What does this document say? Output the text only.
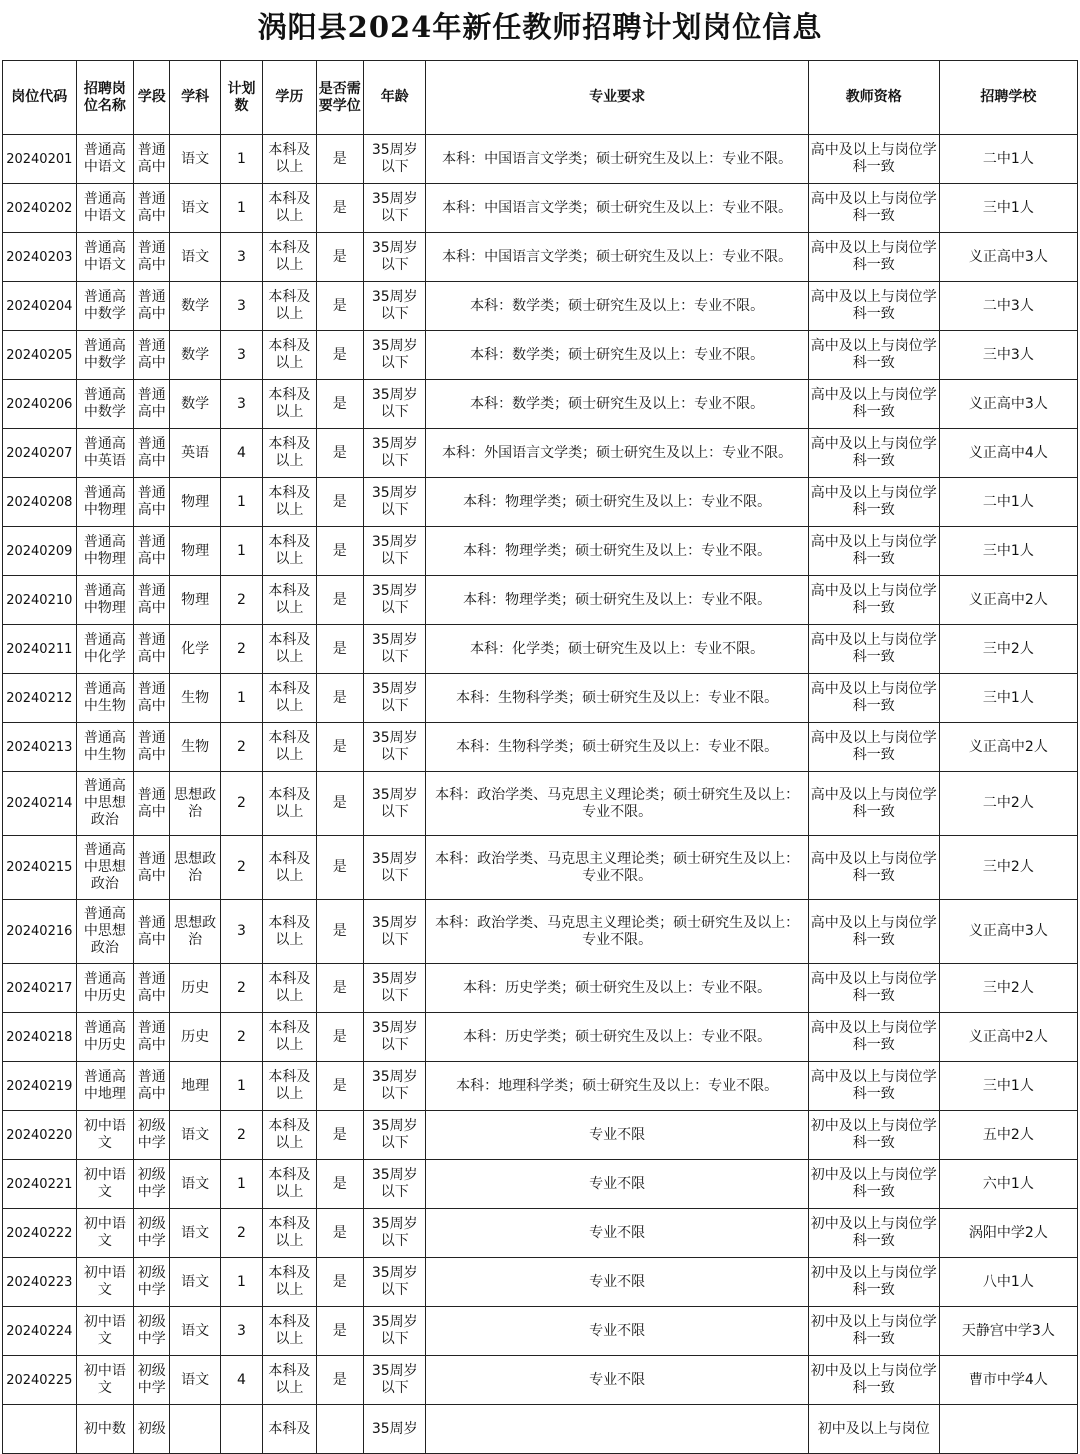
涡阳县2024年新任教师招聘计划岗位信息
岗位代码	招聘岗位名称	学段	学科	计划数	学历	是否需要学位	年龄	专业要求	教师资格	招聘学校
20240201	普通高中语文	普通高中	语文	1	本科及以上	是	35周岁以下	本科：中国语言文学类；硕士研究生及以上：专业不限。	高中及以上与岗位学科一致	二中1人
20240202	普通高中语文	普通高中	语文	1	本科及以上	是	35周岁以下	本科：中国语言文学类；硕士研究生及以上：专业不限。	高中及以上与岗位学科一致	三中1人
20240203	普通高中语文	普通高中	语文	3	本科及以上	是	35周岁以下	本科：中国语言文学类；硕士研究生及以上：专业不限。	高中及以上与岗位学科一致	义正高中3人
20240204	普通高中数学	普通高中	数学	3	本科及以上	是	35周岁以下	本科：数学类；硕士研究生及以上：专业不限。	高中及以上与岗位学科一致	二中3人
20240205	普通高中数学	普通高中	数学	3	本科及以上	是	35周岁以下	本科：数学类；硕士研究生及以上：专业不限。	高中及以上与岗位学科一致	三中3人
20240206	普通高中数学	普通高中	数学	3	本科及以上	是	35周岁以下	本科：数学类；硕士研究生及以上：专业不限。	高中及以上与岗位学科一致	义正高中3人
20240207	普通高中英语	普通高中	英语	4	本科及以上	是	35周岁以下	本科：外国语言文学类；硕士研究生及以上：专业不限。	高中及以上与岗位学科一致	义正高中4人
20240208	普通高中物理	普通高中	物理	1	本科及以上	是	35周岁以下	本科：物理学类；硕士研究生及以上：专业不限。	高中及以上与岗位学科一致	二中1人
20240209	普通高中物理	普通高中	物理	1	本科及以上	是	35周岁以下	本科：物理学类；硕士研究生及以上：专业不限。	高中及以上与岗位学科一致	三中1人
20240210	普通高中物理	普通高中	物理	2	本科及以上	是	35周岁以下	本科：物理学类；硕士研究生及以上：专业不限。	高中及以上与岗位学科一致	义正高中2人
20240211	普通高中化学	普通高中	化学	2	本科及以上	是	35周岁以下	本科：化学类；硕士研究生及以上：专业不限。	高中及以上与岗位学科一致	三中2人
20240212	普通高中生物	普通高中	生物	1	本科及以上	是	35周岁以下	本科：生物科学类；硕士研究生及以上：专业不限。	高中及以上与岗位学科一致	三中1人
20240213	普通高中生物	普通高中	生物	2	本科及以上	是	35周岁以下	本科：生物科学类；硕士研究生及以上：专业不限。	高中及以上与岗位学科一致	义正高中2人
20240214	普通高中思想政治	普通高中	思想政治	2	本科及以上	是	35周岁以下	本科：政治学类、马克思主义理论类；硕士研究生及以上：专业不限。	高中及以上与岗位学科一致	二中2人
20240215	普通高中思想政治	普通高中	思想政治	2	本科及以上	是	35周岁以下	本科：政治学类、马克思主义理论类；硕士研究生及以上：专业不限。	高中及以上与岗位学科一致	三中2人
20240216	普通高中思想政治	普通高中	思想政治	3	本科及以上	是	35周岁以下	本科：政治学类、马克思主义理论类；硕士研究生及以上：专业不限。	高中及以上与岗位学科一致	义正高中3人
20240217	普通高中历史	普通高中	历史	2	本科及以上	是	35周岁以下	本科：历史学类；硕士研究生及以上：专业不限。	高中及以上与岗位学科一致	三中2人
20240218	普通高中历史	普通高中	历史	2	本科及以上	是	35周岁以下	本科：历史学类；硕士研究生及以上：专业不限。	高中及以上与岗位学科一致	义正高中2人
20240219	普通高中地理	普通高中	地理	1	本科及以上	是	35周岁以下	本科：地理科学类；硕士研究生及以上：专业不限。	高中及以上与岗位学科一致	三中1人
20240220	初中语文	初级中学	语文	2	本科及以上	是	35周岁以下	专业不限	初中及以上与岗位学科一致	五中2人
20240221	初中语文	初级中学	语文	1	本科及以上	是	35周岁以下	专业不限	初中及以上与岗位学科一致	六中1人
20240222	初中语文	初级中学	语文	2	本科及以上	是	35周岁以下	专业不限	初中及以上与岗位学科一致	涡阳中学2人
20240223	初中语文	初级中学	语文	1	本科及以上	是	35周岁以下	专业不限	初中及以上与岗位学科一致	八中1人
20240224	初中语文	初级中学	语文	3	本科及以上	是	35周岁以下	专业不限	初中及以上与岗位学科一致	天静宫中学3人
20240225	初中语文	初级中学	语文	4	本科及以上	是	35周岁以下	专业不限	初中及以上与岗位学科一致	曹市中学4人
	初中数	初级			本科及		35周岁		初中及以上与岗位	
